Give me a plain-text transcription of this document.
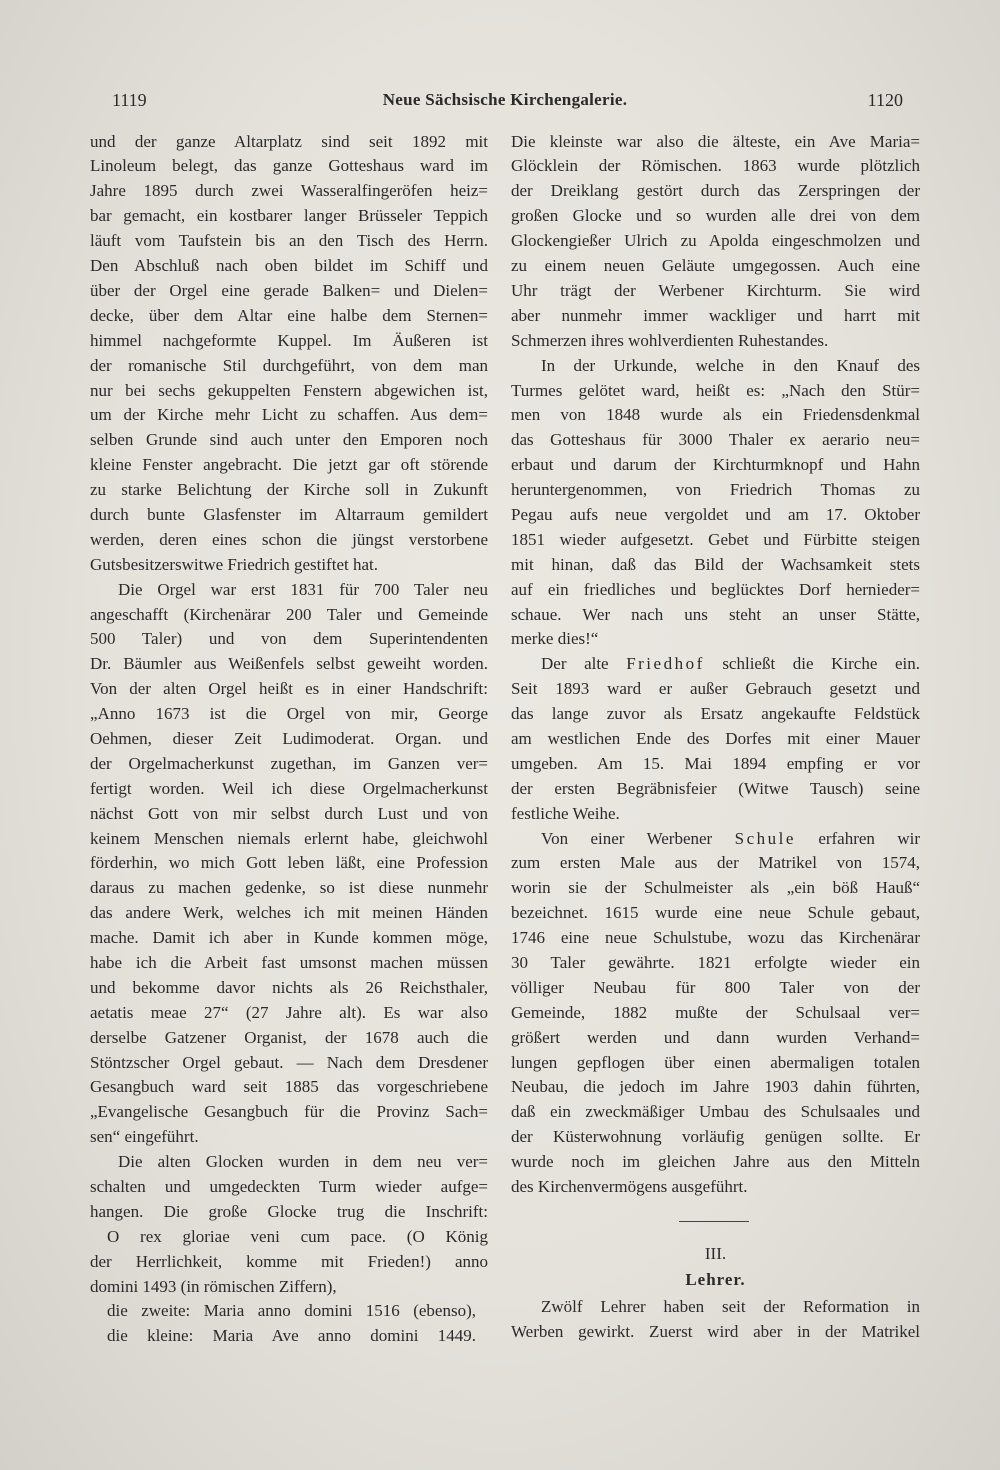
1119	Neue Sächsische Kirchengalerie.	1120
und der ganze Altarplatz sind seit 1892 mit
Linoleum belegt, das ganze Gotteshaus ward im
Jahre 1895 durch zwei Wasseralfingeröfen heiz=
bar gemacht, ein kostbarer langer Brüsseler Teppich
läuft vom Taufstein bis an den Tisch des Herrn.
Den Abschluß nach oben bildet im Schiff und
über der Orgel eine gerade Balken= und Dielen=
decke, über dem Altar eine halbe dem Sternen=
himmel nachgeformte Kuppel. Im Äußeren ist
der romanische Stil durchgeführt, von dem man
nur bei sechs gekuppelten Fenstern abgewichen ist,
um der Kirche mehr Licht zu schaffen. Aus dem=
selben Grunde sind auch unter den Emporen noch
kleine Fenster angebracht. Die jetzt gar oft störende
zu starke Belichtung der Kirche soll in Zukunft
durch bunte Glasfenster im Altarraum gemildert
werden, deren eines schon die jüngst verstorbene
Gutsbesitzerswitwe Friedrich gestiftet hat.
Die Orgel war erst 1831 für 700 Taler neu
angeschafft (Kirchenärar 200 Taler und Gemeinde
500 Taler) und von dem Superintendenten
Dr. Bäumler aus Weißenfels selbst geweiht worden.
Von der alten Orgel heißt es in einer Handschrift:
„Anno 1673 ist die Orgel von mir, George
Oehmen, dieser Zeit Ludimoderat. Organ. und
der Orgelmacherkunst zugethan, im Ganzen ver=
fertigt worden. Weil ich diese Orgelmacherkunst
nächst Gott von mir selbst durch Lust und von
keinem Menschen niemals erlernt habe, gleichwohl
förderhin, wo mich Gott leben läßt, eine Profession
daraus zu machen gedenke, so ist diese nunmehr
das andere Werk, welches ich mit meinen Händen
mache. Damit ich aber in Kunde kommen möge,
habe ich die Arbeit fast umsonst machen müssen
und bekomme davor nichts als 26 Reichsthaler,
aetatis meae 27“ (27 Jahre alt). Es war also
derselbe Gatzener Organist, der 1678 auch die
Stöntzscher Orgel gebaut. — Nach dem Dresdener
Gesangbuch ward seit 1885 das vorgeschriebene
„Evangelische Gesangbuch für die Provinz Sach=
sen“ eingeführt.
Die alten Glocken wurden in dem neu ver=
schalten und umgedeckten Turm wieder aufge=
hangen. Die große Glocke trug die Inschrift:
O rex gloriae veni cum pace. (O König
der Herrlichkeit, komme mit Frieden!) anno
domini 1493 (in römischen Ziffern),
die zweite: Maria anno domini 1516 (ebenso),
die kleine: Maria Ave anno domini 1449.
Die kleinste war also die älteste, ein Ave Maria=
Glöcklein der Römischen. 1863 wurde plötzlich
der Dreiklang gestört durch das Zerspringen der
großen Glocke und so wurden alle drei von dem
Glockengießer Ulrich zu Apolda eingeschmolzen und
zu einem neuen Geläute umgegossen. Auch eine
Uhr trägt der Werbener Kirchturm. Sie wird
aber nunmehr immer wackliger und harrt mit
Schmerzen ihres wohlverdienten Ruhestandes.
In der Urkunde, welche in den Knauf des
Turmes gelötet ward, heißt es: „Nach den Stür=
men von 1848 wurde als ein Friedensdenkmal
das Gotteshaus für 3000 Thaler ex aerario neu=
erbaut und darum der Kirchturmknopf und Hahn
heruntergenommen, von Friedrich Thomas zu
Pegau aufs neue vergoldet und am 17. Oktober
1851 wieder aufgesetzt. Gebet und Fürbitte steigen
mit hinan, daß das Bild der Wachsamkeit stets
auf ein friedliches und beglücktes Dorf hernieder=
schaue. Wer nach uns steht an unser Stätte,
merke dies!“
Der alte Friedhof schließt die Kirche ein.
Seit 1893 ward er außer Gebrauch gesetzt und
das lange zuvor als Ersatz angekaufte Feldstück
am westlichen Ende des Dorfes mit einer Mauer
umgeben. Am 15. Mai 1894 empfing er vor
der ersten Begräbnisfeier (Witwe Tausch) seine
festliche Weihe.
Von einer Werbener Schule erfahren wir
zum ersten Male aus der Matrikel von 1574,
worin sie der Schulmeister als „ein böß Hauß“
bezeichnet. 1615 wurde eine neue Schule gebaut,
1746 eine neue Schulstube, wozu das Kirchenärar
30 Taler gewährte. 1821 erfolgte wieder ein
völliger Neubau für 800 Taler von der
Gemeinde, 1882 mußte der Schulsaal ver=
größert werden und dann wurden Verhand=
lungen gepflogen über einen abermaligen totalen
Neubau, die jedoch im Jahre 1903 dahin führten,
daß ein zweckmäßiger Umbau des Schulsaales und
der Küsterwohnung vorläufig genügen sollte. Er
wurde noch im gleichen Jahre aus den Mitteln
des Kirchenvermögens ausgeführt.
III.
Lehrer.
Zwölf Lehrer haben seit der Reformation in
Werben gewirkt. Zuerst wird aber in der Matrikel
